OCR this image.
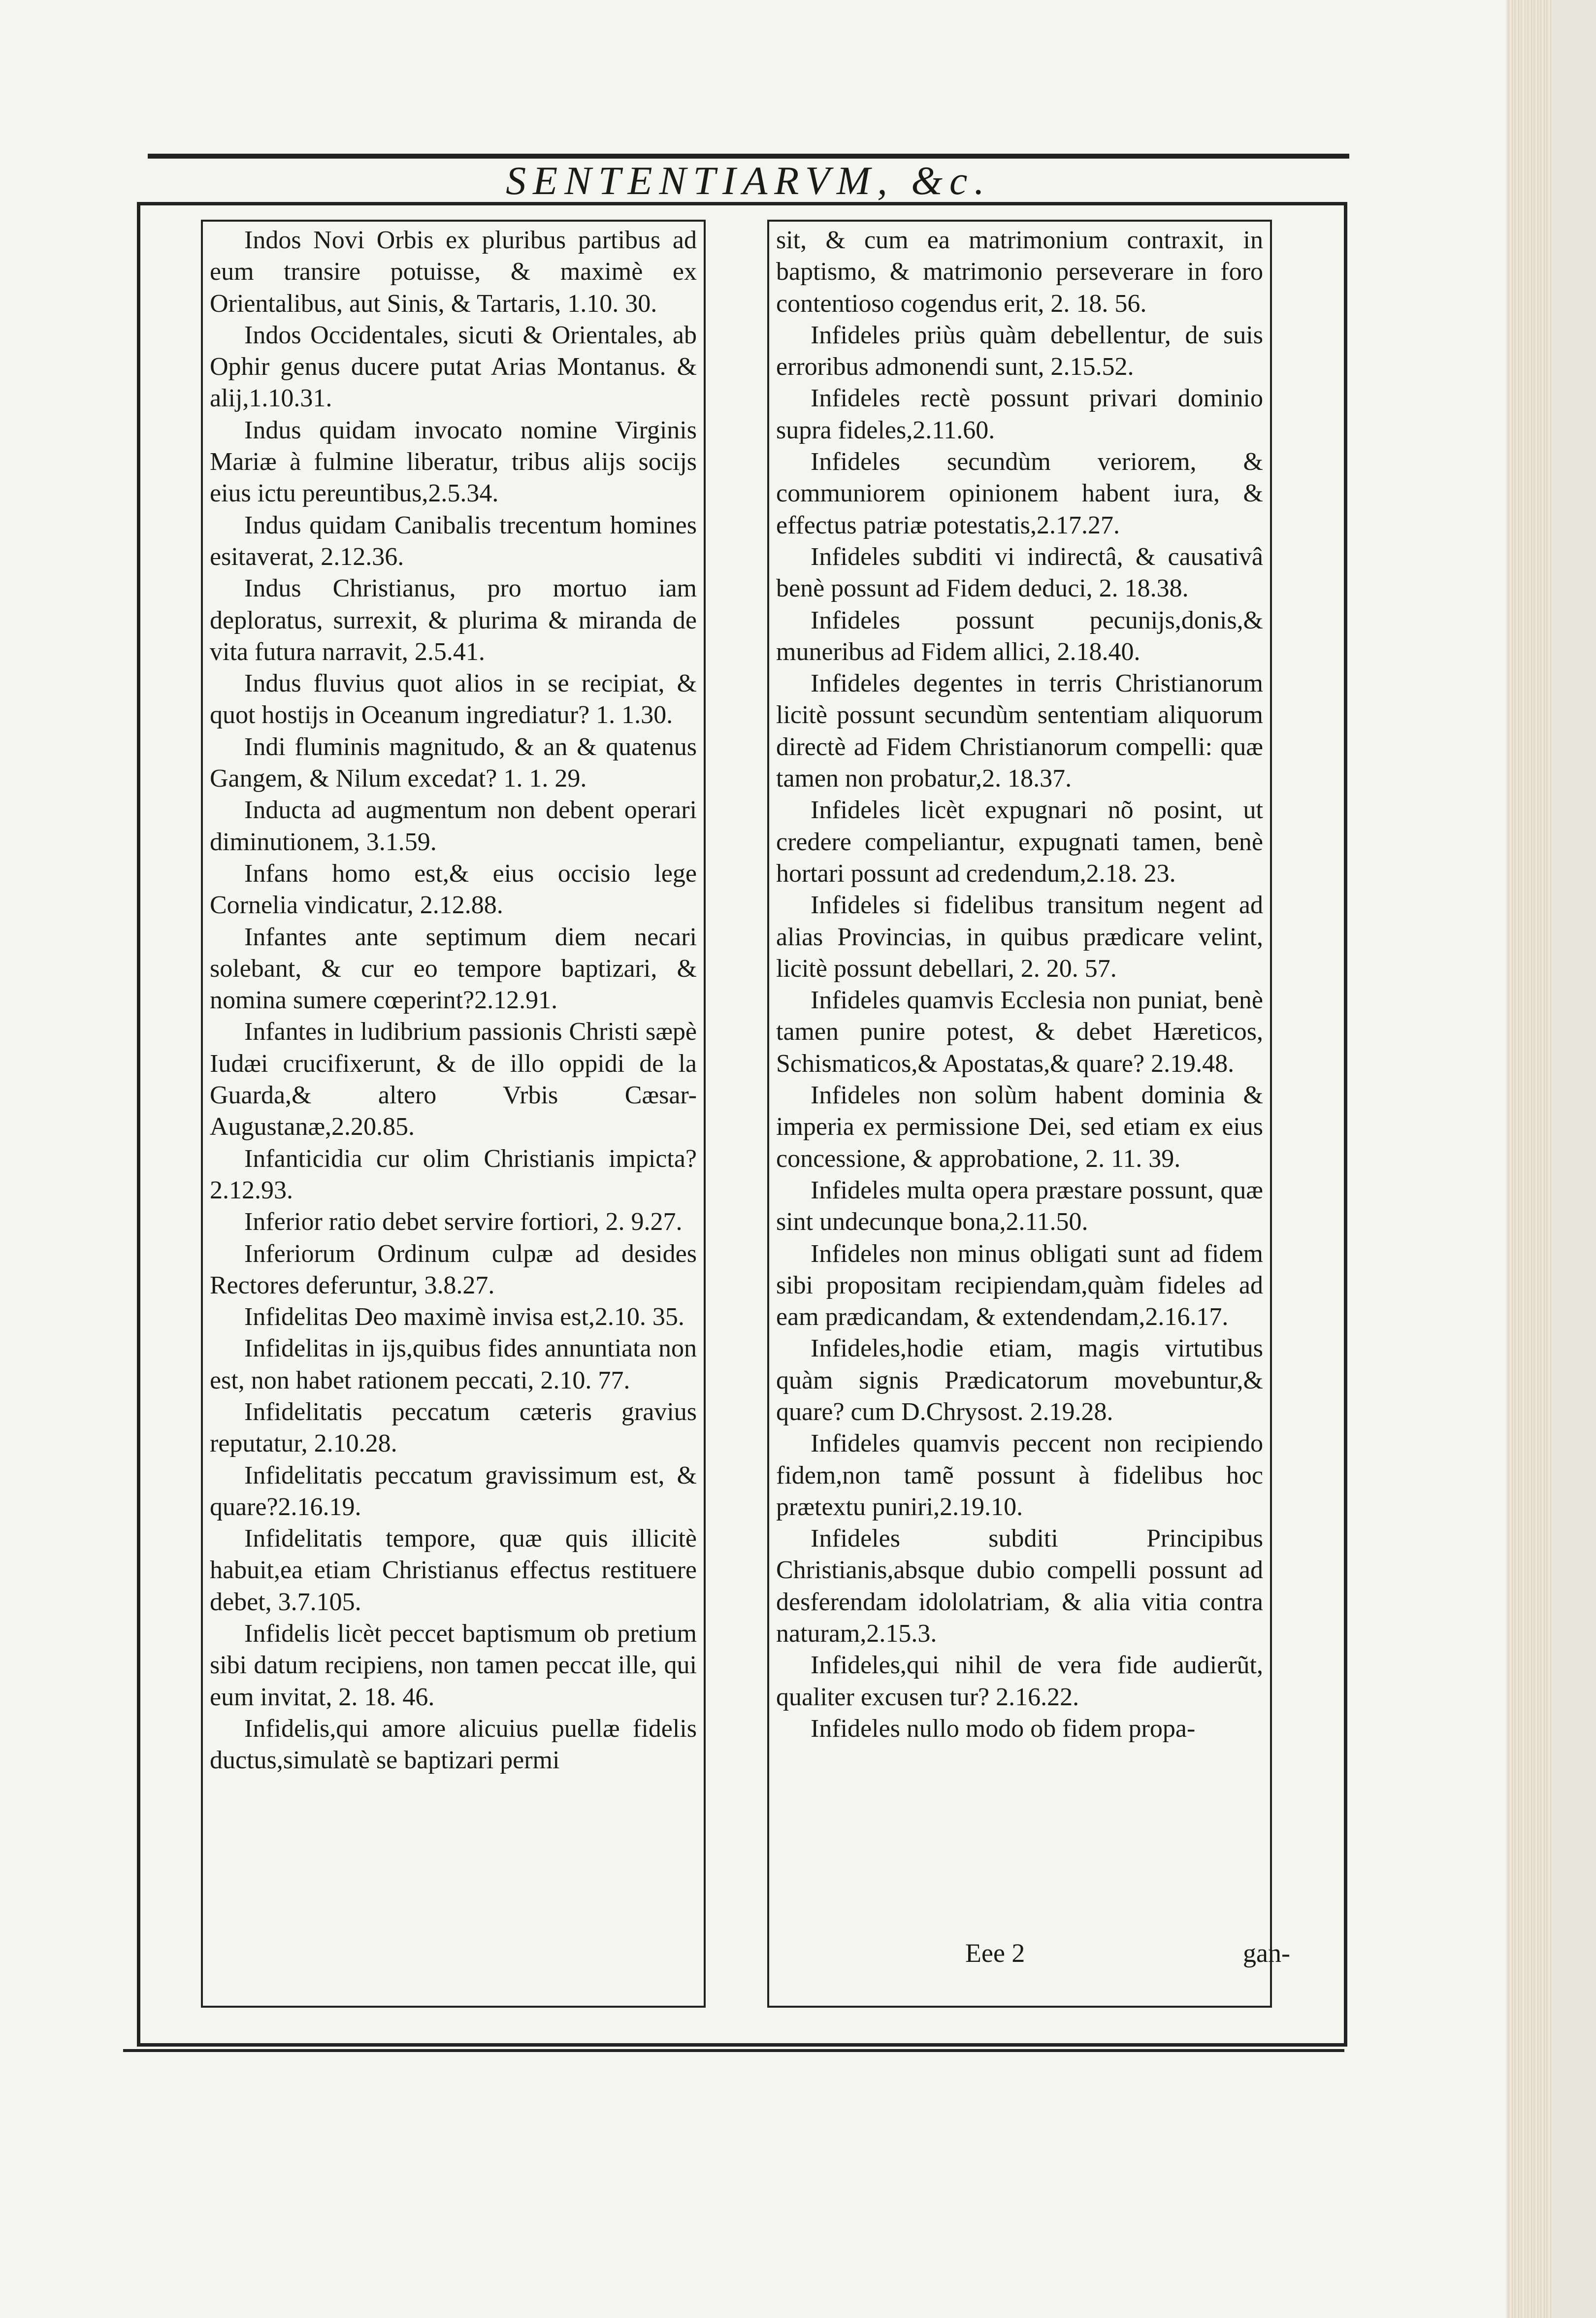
SENTENTIARVM, &c.

Indos Novi Orbis ex pluribus partibus ad eum transire potuisse, & maximè ex Orientalibus, aut Sinis, & Tartaris, 1.10. 30.

Indos Occidentales, sicuti & Orientales, ab Ophir genus ducere putat Arias Montanus. & alij,1.10.31.

Indus quidam invocato nomine Virginis Mariæ à fulmine liberatur, tribus alijs socijs eius ictu pereuntibus,2.5.34.

Indus quidam Canibalis trecentum homines esitaverat, 2.12.36.

Indus Christianus, pro mortuo iam deploratus, surrexit, & plurima & miranda de vita futura narravit, 2.5.41.

Indus fluvius quot alios in se recipiat, & quot hostijs in Oceanum ingrediatur? 1. 1.30.

Indi fluminis magnitudo, & an & quatenus Gangem, & Nilum excedat? 1. 1. 29.

Inducta ad augmentum non debent operari diminutionem, 3.1.59.

Infans homo est,& eius occisio lege Cornelia vindicatur, 2.12.88.

Infantes ante septimum diem necari solebant, & cur eo tempore baptizari, & nomina sumere cœperint?2.12.91.

Infantes in ludibrium passionis Christi sæpè Iudæi crucifixerunt, & de illo oppidi de la Guarda,& altero Vrbis Cæsar-Augustanæ,2.20.85.

Infanticidia cur olim Christianis impicta?2.12.93.

Inferior ratio debet servire fortiori, 2. 9.27.

Inferiorum Ordinum culpæ ad desides Rectores deferuntur, 3.8.27.

Infidelitas Deo maximè invisa est,2.10. 35.

Infidelitas in ijs,quibus fides annuntiata non est, non habet rationem peccati, 2.10. 77.

Infidelitatis peccatum cæteris gravius reputatur, 2.10.28.

Infidelitatis peccatum gravissimum est, & quare?2.16.19.

Infidelitatis tempore, quæ quis illicitè habuit,ea etiam Christianus effectus restituere debet, 3.7.105.

Infidelis licèt peccet baptismum ob pretium sibi datum recipiens, non tamen peccat ille, qui eum invitat, 2. 18. 46.

Infidelis,qui amore alicuius puellæ fidelis ductus,simulatè se baptizari permi

sit, & cum ea matrimonium contraxit, in baptismo, & matrimonio perseverare in foro contentioso cogendus erit, 2. 18. 56.

Infideles priùs quàm debellentur, de suis erroribus admonendi sunt, 2.15.52.

Infideles rectè possunt privari dominio supra fideles,2.11.60.

Infideles secundùm veriorem, & communiorem opinionem habent iura, & effectus patriæ potestatis,2.17.27.

Infideles subditi vi indirectâ, & causativâ benè possunt ad Fidem deduci, 2. 18.38.

Infideles possunt pecunijs,donis,& muneribus ad Fidem allici, 2.18.40.

Infideles degentes in terris Christianorum licitè possunt secundùm sententiam aliquorum directè ad Fidem Christianorum compelli: quæ tamen non probatur,2. 18.37.

Infideles licèt expugnari nõ posint, ut credere compeliantur, expugnati tamen, benè hortari possunt ad credendum,2.18. 23.

Infideles si fidelibus transitum negent ad alias Provincias, in quibus prædicare velint, licitè possunt debellari, 2. 20. 57.

Infideles quamvis Ecclesia non puniat, benè tamen punire potest, & debet Hæreticos, Schismaticos,& Apostatas,& quare? 2.19.48.

Infideles non solùm habent dominia & imperia ex permissione Dei, sed etiam ex eius concessione, & approbatione, 2. 11. 39.

Infideles multa opera præstare possunt, quæ sint undecunque bona,2.11.50.

Infideles non minus obligati sunt ad fidem sibi propositam recipiendam,quàm fideles ad eam prædicandam, & extendendam,2.16.17.

Infideles,hodie etiam, magis virtutibus quàm signis Prædicatorum movebuntur,& quare? cum D.Chrysost. 2.19.28.

Infideles quamvis peccent non recipiendo fidem,non tamẽ possunt à fidelibus hoc prætextu puniri,2.19.10.

Infideles subditi Principibus Christianis,absque dubio compelli possunt ad desferendam idololatriam, & alia vitia contra naturam,2.15.3.

Infideles,qui nihil de vera fide audierũt, qualiter excusen tur? 2.16.22.

Infideles nullo modo ob fidem propa-

Eee 2	gan-
